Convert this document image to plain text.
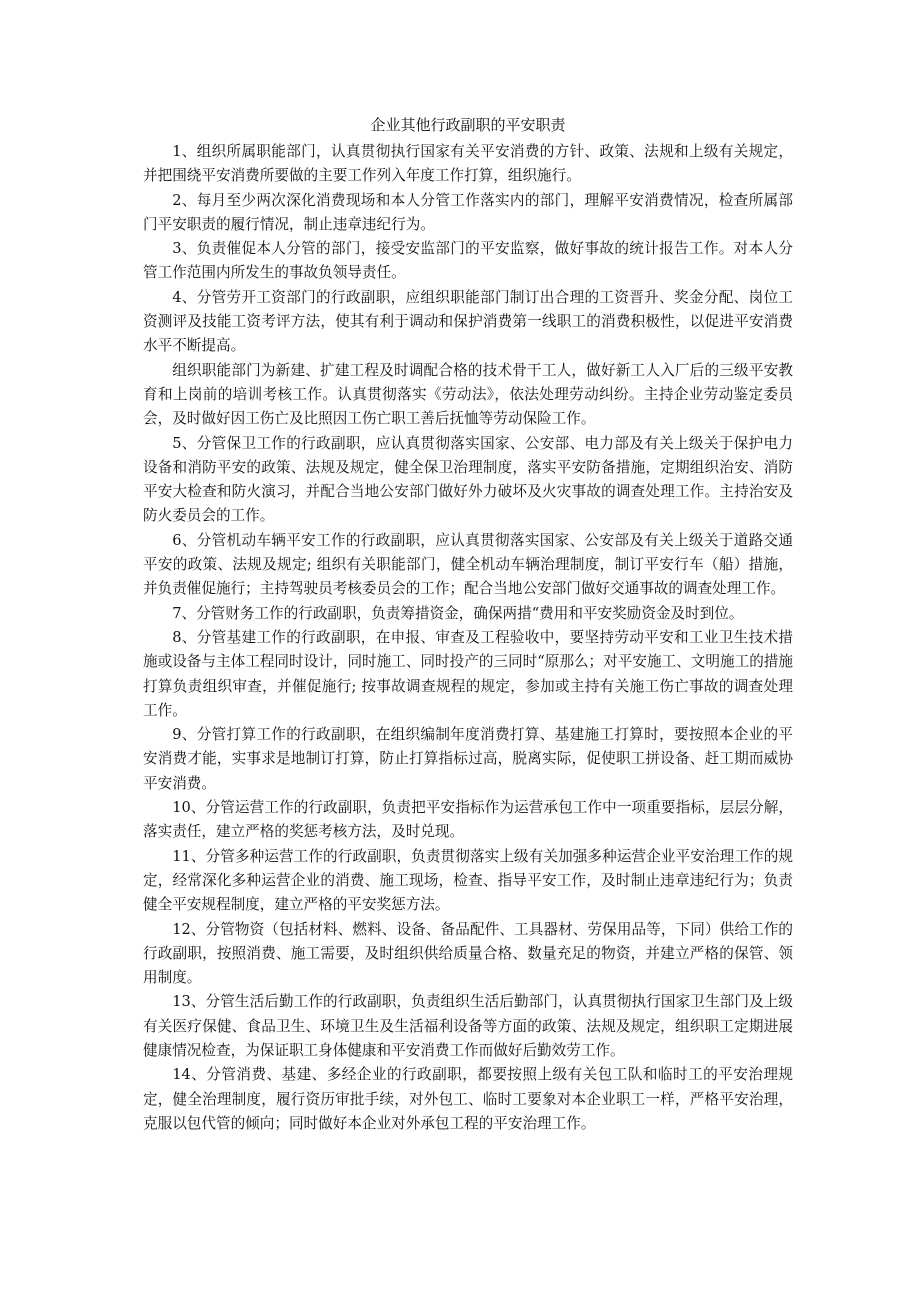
企业其他行政副职的平安职责

1、组织所属职能部门，认真贯彻执行国家有关平安消费的方针、政策、法规和上级有关规定，并把围绕平安消费所要做的主要工作列入年度工作打算，组织施行。

2、每月至少两次深化消费现场和本人分管工作落实内的部门，理解平安消费情况，检查所属部门平安职责的履行情况，制止违章违纪行为。

3、负责催促本人分管的部门，接受安监部门的平安监察，做好事故的统计报告工作。对本人分管工作范围内所发生的事故负领导责任。

4、分管劳开工资部门的行政副职，应组织职能部门制订出合理的工资晋升、奖金分配、岗位工资测评及技能工资考评方法，使其有利于调动和保护消费第一线职工的消费积极性，以促进平安消费水平不断提高。

组织职能部门为新建、扩建工程及时调配合格的技术骨干工人，做好新工人入厂后的三级平安教育和上岗前的培训考核工作。认真贯彻落实《劳动法》，依法处理劳动纠纷。主持企业劳动鉴定委员会，及时做好因工伤亡及比照因工伤亡职工善后抚恤等劳动保险工作。

5、分管保卫工作的行政副职，应认真贯彻落实国家、公安部、电力部及有关上级关于保护电力设备和消防平安的政策、法规及规定，健全保卫治理制度，落实平安防备措施，定期组织治安、消防平安大检查和防火演习，并配合当地公安部门做好外力破坏及火灾事故的调查处理工作。主持治安及防火委员会的工作。

6、分管机动车辆平安工作的行政副职，应认真贯彻落实国家、公安部及有关上级关于道路交通平安的政策、法规及规定; 组织有关职能部门，健全机动车辆治理制度，制订平安行车（船）措施，并负责催促施行；主持驾驶员考核委员会的工作；配合当地公安部门做好交通事故的调查处理工作。

7、分管财务工作的行政副职，负责筹措资金，确保两措“费用和平安奖励资金及时到位。

8、分管基建工作的行政副职，在申报、审查及工程验收中，要坚持劳动平安和工业卫生技术措施或设备与主体工程同时设计，同时施工、同时投产的三同时“原那么；对平安施工、文明施工的措施打算负责组织审查，并催促施行; 按事故调查规程的规定，参加或主持有关施工伤亡事故的调查处理工作。

9、分管打算工作的行政副职，在组织编制年度消费打算、基建施工打算时，要按照本企业的平安消费才能，实事求是地制订打算，防止打算指标过高，脱离实际，促使职工拼设备、赶工期而威协平安消费。

10、分管运营工作的行政副职，负责把平安指标作为运营承包工作中一项重要指标，层层分解，落实责任，建立严格的奖惩考核方法，及时兑现。

11、分管多种运营工作的行政副职，负责贯彻落实上级有关加强多种运营企业平安治理工作的规定，经常深化多种运营企业的消费、施工现场，检查、指导平安工作，及时制止违章违纪行为；负责健全平安规程制度，建立严格的平安奖惩方法。

12、分管物资（包括材料、燃料、设备、备品配件、工具器材、劳保用品等，下同）供给工作的行政副职，按照消费、施工需要，及时组织供给质量合格、数量充足的物资，并建立严格的保管、领用制度。

13、分管生活后勤工作的行政副职，负责组织生活后勤部门，认真贯彻执行国家卫生部门及上级有关医疗保健、食品卫生、环境卫生及生活福利设备等方面的政策、法规及规定，组织职工定期进展健康情况检查，为保证职工身体健康和平安消费工作而做好后勤效劳工作。

14、分管消费、基建、多经企业的行政副职，都要按照上级有关包工队和临时工的平安治理规定，健全治理制度，履行资历审批手续，对外包工、临时工要象对本企业职工一样，严格平安治理，克服以包代管的倾向；同时做好本企业对外承包工程的平安治理工作。
